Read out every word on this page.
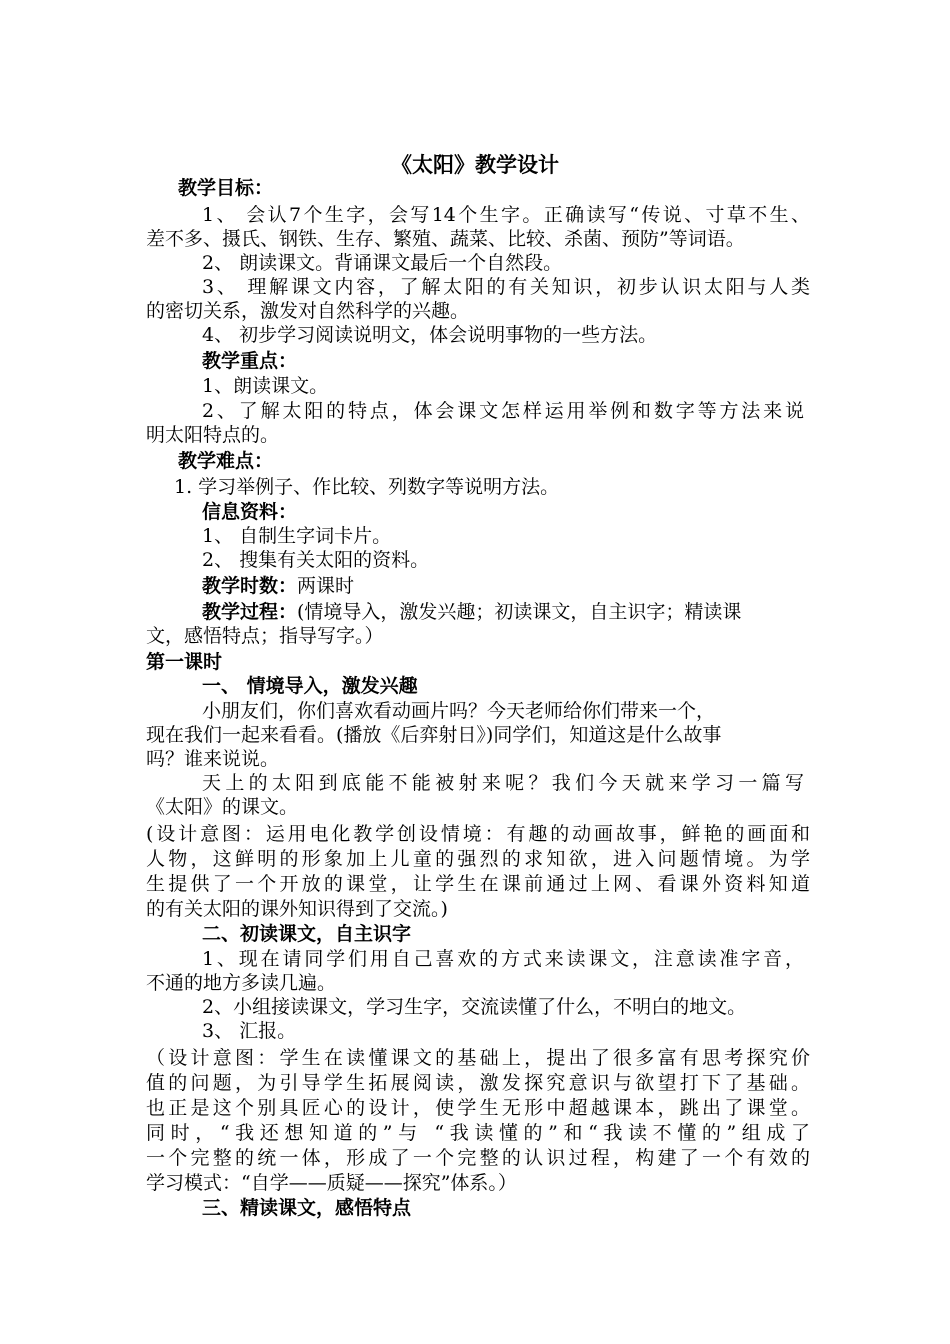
《太阳》教学设计
教学目标：
1、 会认7个生字，会写14个生字。正确读写“传说、寸草不生、
差不多、摄氏、钢铁、生存、繁殖、蔬菜、比较、杀菌、预防”等词语。
2、 朗读课文。背诵课文最后一个自然段。
3、 理解课文内容，了解太阳的有关知识，初步认识太阳与人类
的密切关系，激发对自然科学的兴趣。
4、 初步学习阅读说明文，体会说明事物的一些方法。
教学重点：
1、朗读课文。
2、了解太阳的特点，体会课文怎样运用举例和数字等方法来说
明太阳特点的。
教学难点：
1. 学习举例子、作比较、列数字等说明方法。
信息资料：
1、 自制生字词卡片。
2、 搜集有关太阳的资料。
教学时数：两课时
教学过程：(情境导入，激发兴趣；初读课文，自主识字；精读课
文，感悟特点；指导写字。）
第一课时
一、 情境导入，激发兴趣
小朋友们，你们喜欢看动画片吗？今天老师给你们带来一个，
现在我们一起来看看。(播放《后弈射日》)同学们，知道这是什么故事
吗？谁来说说。
天上的太阳到底能不能被射来呢？我们今天就来学习一篇写
《太阳》的课文。
(设计意图：运用电化教学创设情境：有趣的动画故事，鲜艳的画面和
人物，这鲜明的形象加上儿童的强烈的求知欲，进入问题情境。为学
生提供了一个开放的课堂，让学生在课前通过上网、看课外资料知道
的有关太阳的课外知识得到了交流。)
二、初读课文，自主识字
1、现在请同学们用自己喜欢的方式来读课文，注意读准字音，
不通的地方多读几遍。
2、小组接读课文，学习生字，交流读懂了什么，不明白的地文。
3、 汇报。
（设计意图：学生在读懂课文的基础上，提出了很多富有思考探究价
值的问题，为引导学生拓展阅读，激发探究意识与欲望打下了基础。
也正是这个别具匠心的设计，使学生无形中超越课本，跳出了课堂。
同时，“我还想知道的”与 “我读懂的”和“我读不懂的”组成了
一个完整的统一体，形成了一个完整的认识过程，构建了一个有效的
学习模式：“自学——质疑——探究”体系。）
三、精读课文，感悟特点
